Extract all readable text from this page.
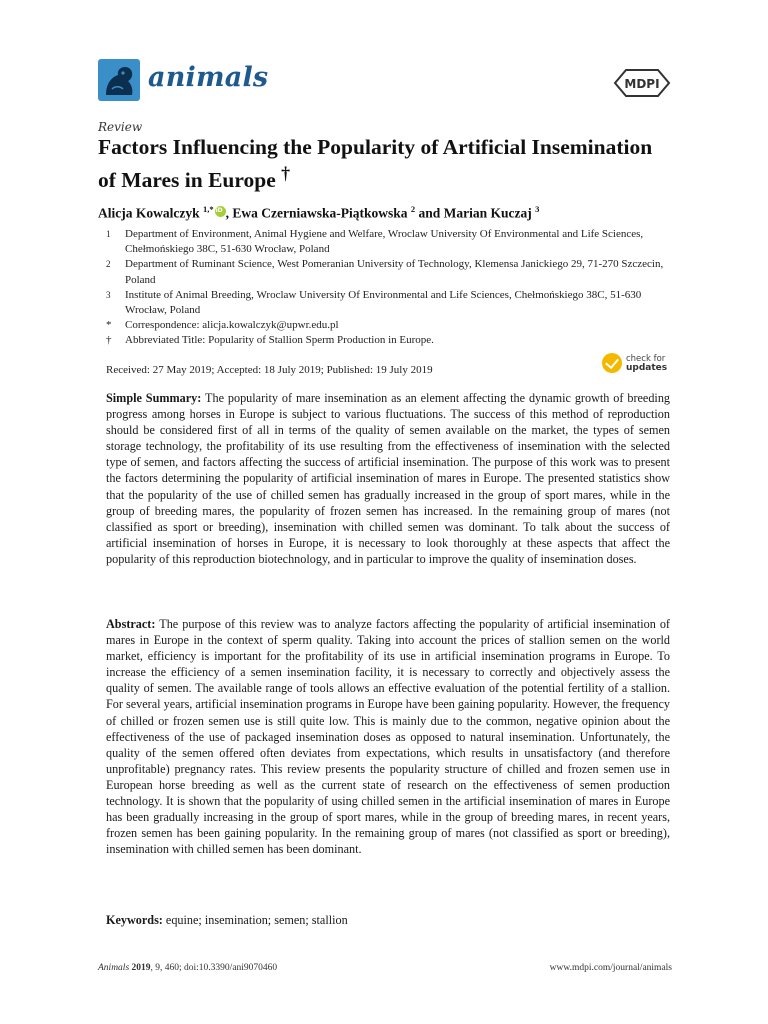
animals	MDPI
Review
Factors Influencing the Popularity of Artificial Insemination of Mares in Europe †
Alicja Kowalczyk $^{1,*}$iD , Ewa Czerniawska-Piątkowska $^2$ and Marian Kuczaj $^3$
1	Department of Environment, Animal Hygiene and Welfare, Wroclaw University Of Environmental and Life Sciences, Chełmońskiego 38C, 51-630 Wrocław, Poland
2	Department of Ruminant Science, West Pomeranian University of Technology, Klemensa Janickiego 29, 71-270 Szczecin, Poland
3	Institute of Animal Breeding, Wroclaw University Of Environmental and Life Sciences, Chełmońskiego 38C, 51-630 Wrocław, Poland
*	Correspondence: alicja.kowalczyk@upwr.edu.pl
†	Abbreviated Title: Popularity of Stallion Sperm Production in Europe.
Received: 27 May 2019; Accepted: 18 July 2019; Published: 19 July 2019
check for
updates
Simple Summary: The popularity of mare insemination as an element affecting the dynamic growth of breeding progress among horses in Europe is subject to various fluctuations. The success of this method of reproduction should be considered first of all in terms of the quality of semen available on the market, the types of semen storage technology, the profitability of its use resulting from the effectiveness of insemination with the selected type of semen, and factors affecting the success of artificial insemination. The purpose of this work was to present the factors determining the popularity of artificial insemination of mares in Europe. The presented statistics show that the popularity of the use of chilled semen has gradually increased in the group of sport mares, while in the group of breeding mares, the popularity of frozen semen has increased. In the remaining group of mares (not classified as sport or breeding), insemination with chilled semen was dominant. To talk about the success of artificial insemination of horses in Europe, it is necessary to look thoroughly at these aspects that affect the popularity of this reproduction biotechnology, and in particular to improve the quality of insemination doses.
Abstract: The purpose of this review was to analyze factors affecting the popularity of artificial insemination of mares in Europe in the context of sperm quality. Taking into account the prices of stallion semen on the world market, efficiency is important for the profitability of its use in artificial insemination programs in Europe. To increase the efficiency of a semen insemination facility, it is necessary to correctly and objectively assess the quality of semen. The available range of tools allows an effective evaluation of the potential fertility of a stallion. For several years, artificial insemination programs in Europe have been gaining popularity. However, the frequency of chilled or frozen semen use is still quite low. This is mainly due to the common, negative opinion about the effectiveness of the use of packaged insemination doses as opposed to natural insemination. Unfortunately, the quality of the semen offered often deviates from expectations, which results in unsatisfactory (and therefore unprofitable) pregnancy rates. This review presents the popularity structure of chilled and frozen semen use in European horse breeding as well as the current state of research on the effectiveness of semen production technology. It is shown that the popularity of using chilled semen in the artificial insemination of mares in Europe has been gradually increasing in the group of sport mares, while in the group of breeding mares, in recent years, frozen semen has been gaining popularity. In the remaining group of mares (not classified as sport or breeding), insemination with chilled semen has been dominant.
Keywords: equine; insemination; semen; stallion
Animals 2019, 9, 460; doi:10.3390/ani9070460	www.mdpi.com/journal/animals
